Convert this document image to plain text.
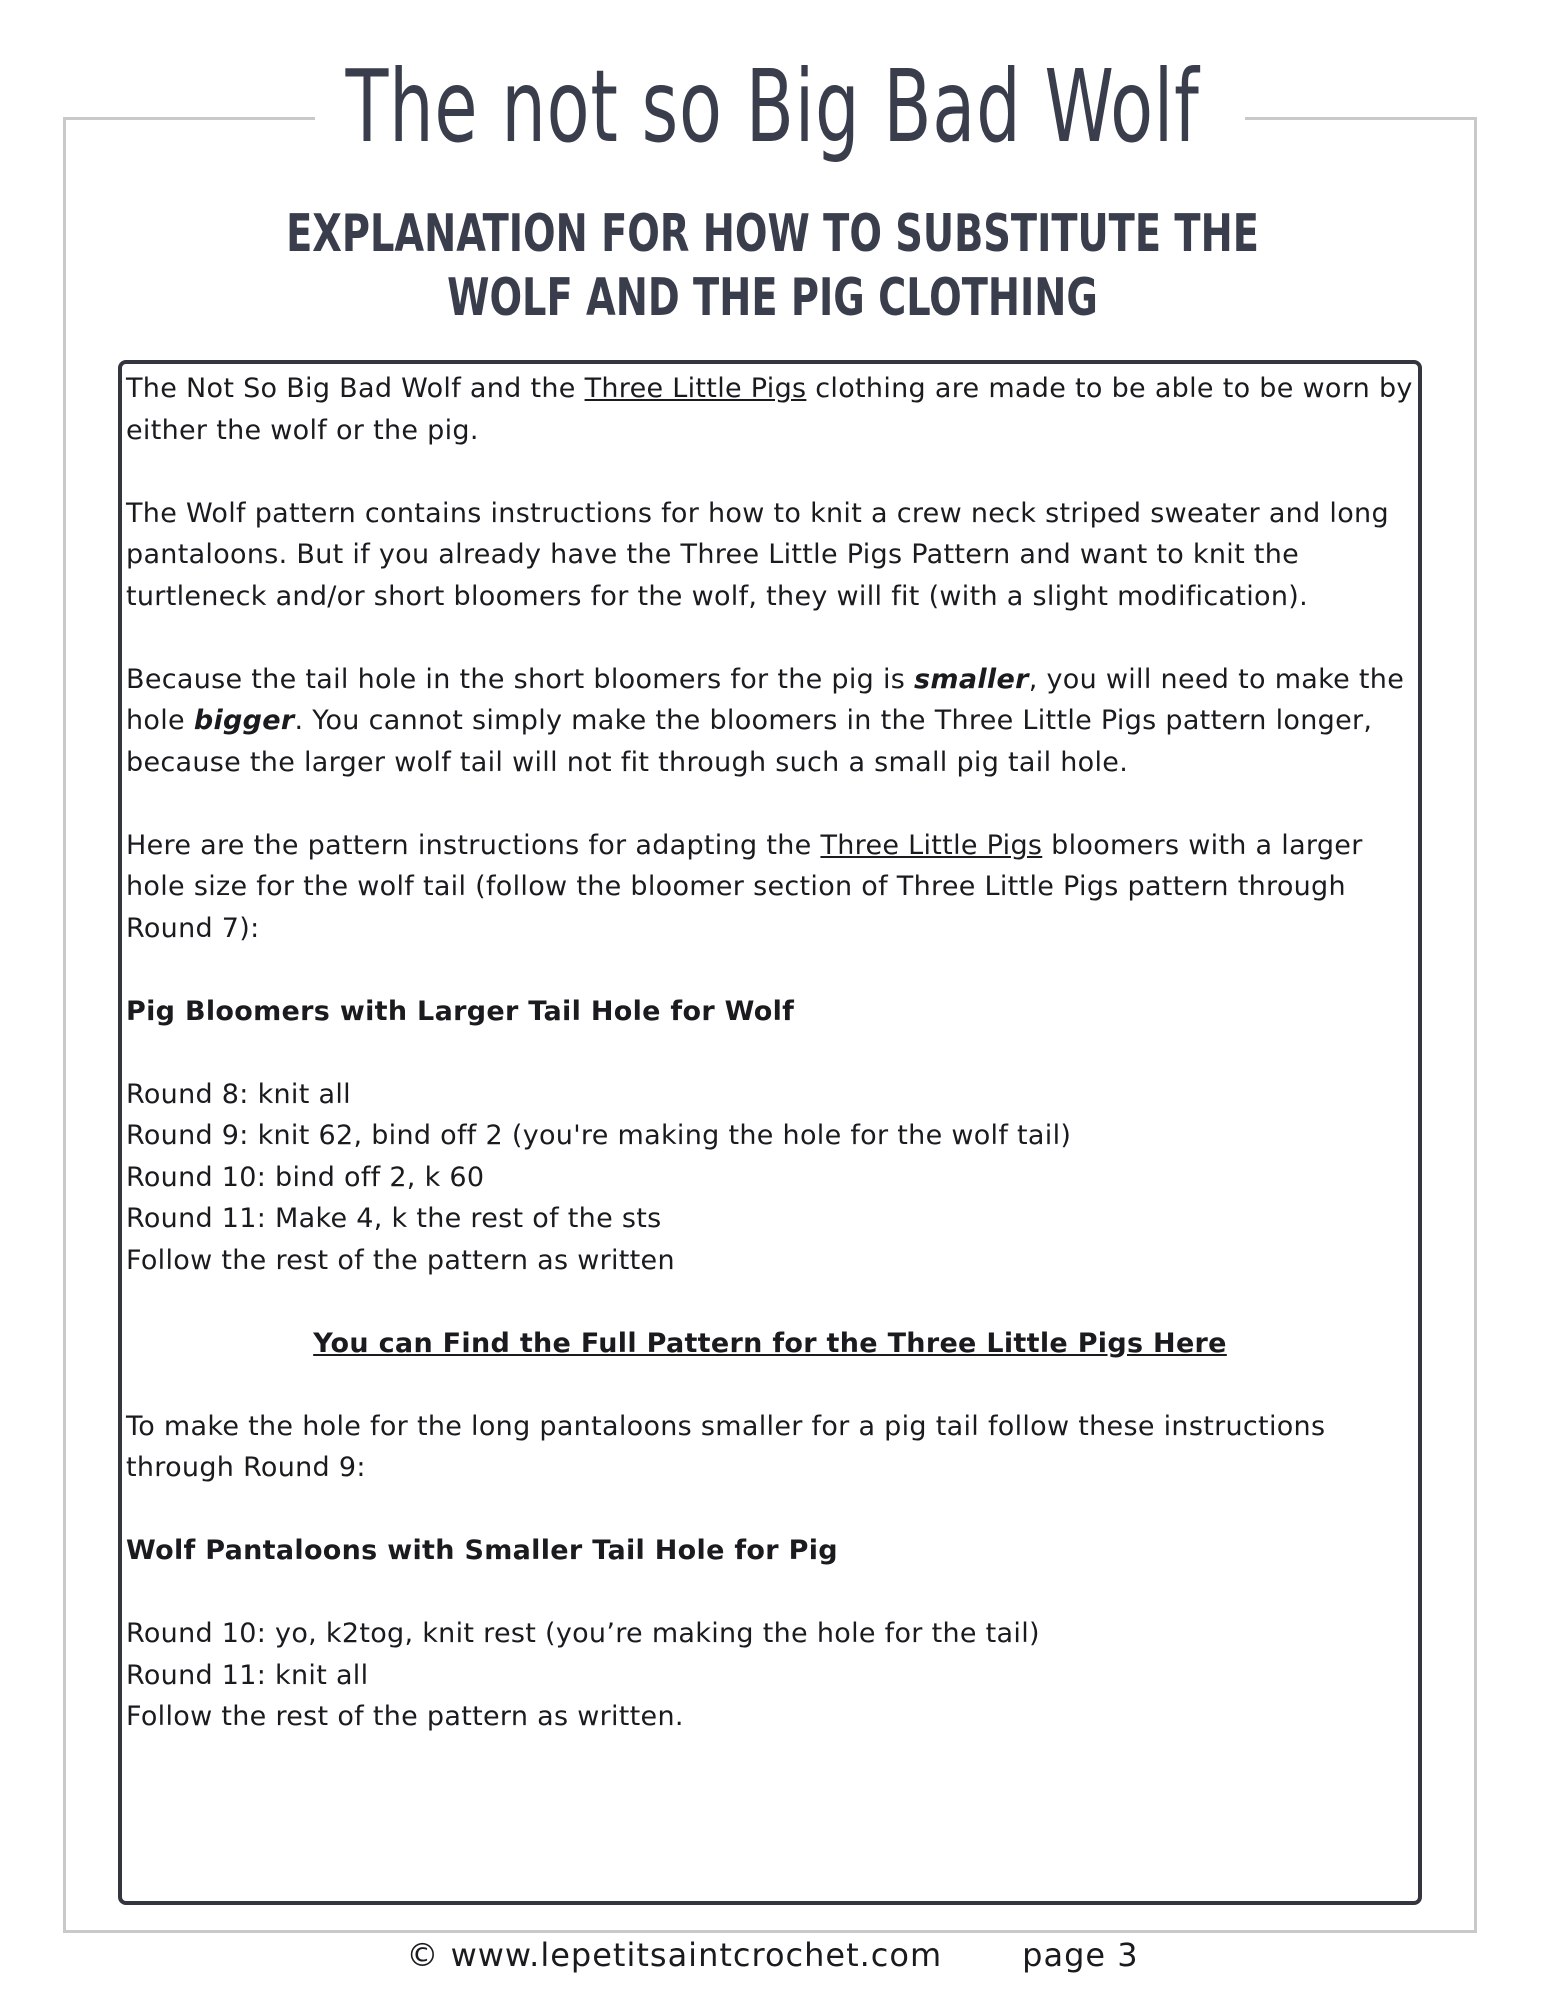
The not so Big Bad Wolf
EXPLANATION FOR HOW TO SUBSTITUTE THE WOLF AND THE PIG CLOTHING

The Not So Big Bad Wolf and the Three Little Pigs clothing are made to be able to be worn by either the wolf or the pig.

The Wolf pattern contains instructions for how to knit a crew neck striped sweater and long pantaloons. But if you already have the Three Little Pigs Pattern and want to knit the turtleneck and/or short bloomers for the wolf, they will fit (with a slight modification).

Because the tail hole in the short bloomers for the pig is smaller, you will need to make the hole bigger. You cannot simply make the bloomers in the Three Little Pigs pattern longer, because the larger wolf tail will not fit through such a small pig tail hole.

Here are the pattern instructions for adapting the Three Little Pigs bloomers with a larger hole size for the wolf tail (follow the bloomer section of Three Little Pigs pattern through Round 7):

Pig Bloomers with Larger Tail Hole for Wolf

Round 8: knit all
Round 9: knit 62, bind off 2 (you're making the hole for the wolf tail)
Round 10: bind off 2, k 60
Round 11: Make 4, k the rest of the sts
Follow the rest of the pattern as written

You can Find the Full Pattern for the Three Little Pigs Here

To make the hole for the long pantaloons smaller for a pig tail follow these instructions through Round 9:

Wolf Pantaloons with Smaller Tail Hole for Pig

Round 10: yo, k2tog, knit rest (you’re making the hole for the tail)
Round 11: knit all
Follow the rest of the pattern as written.
© www.lepetitsaintcrochet.com	page 3
